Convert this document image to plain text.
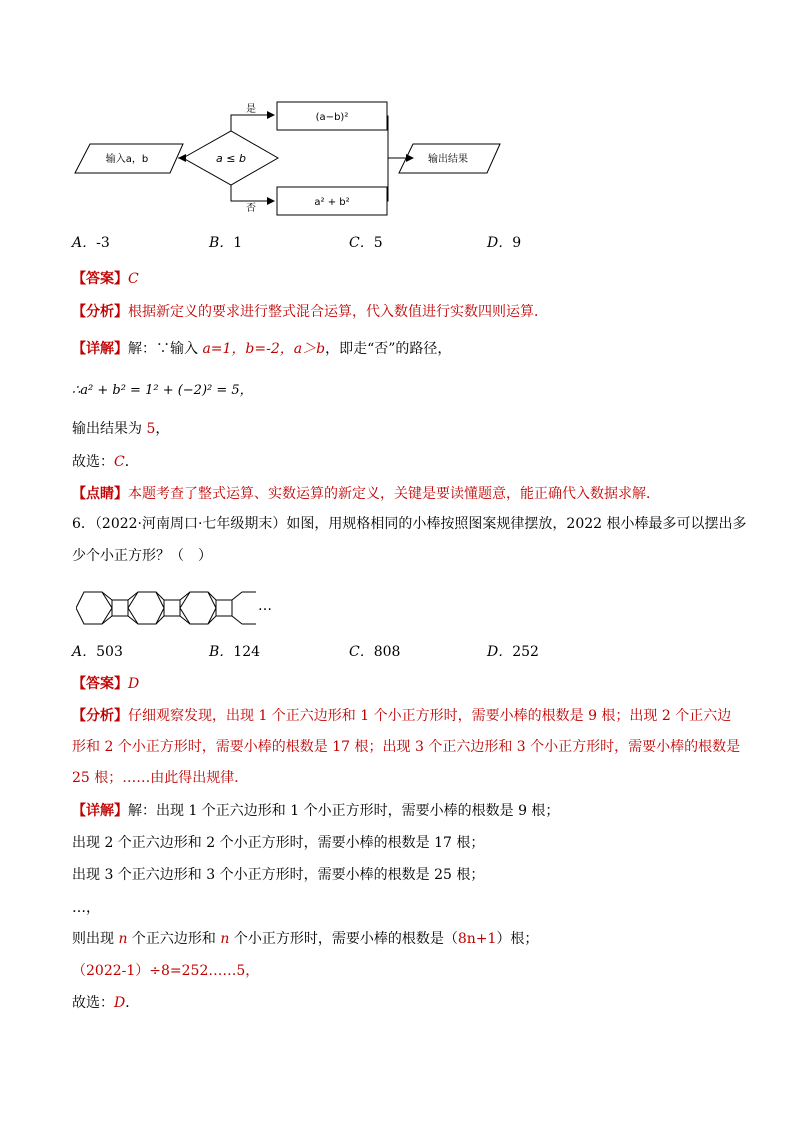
输入a，b	a ≤ b
是
(a−b)²
否
a² + b²
输出结果
A．-3	B．1	C．5	D．9
【答案】C
【分析】根据新定义的要求进行整式混合运算，代入数值进行实数四则运算．
【详解】解：∵输入 a=1，b=-2，a＞b，即走“否”的路径，
∴a² + b² = 1² + (−2)² = 5，
输出结果为 5，
故选：C．
【点睛】本题考查了整式运算、实数运算的新定义，关键是要读懂题意，能正确代入数据求解．
6．（2022·河南周口·七年级期末）如图，用规格相同的小棒按照图案规律摆放，2022 根小棒最多可以摆出多
少个小正方形？（　）
…
A．503	B．124	C．808	D．252
【答案】D
【分析】仔细观察发现，出现 1 个正六边形和 1 个小正方形时，需要小棒的根数是 9 根；出现 2 个正六边
形和 2 个小正方形时，需要小棒的根数是 17 根；出现 3 个正六边形和 3 个小正方形时，需要小棒的根数是
25 根；……由此得出规律．
【详解】解：出现 1 个正六边形和 1 个小正方形时，需要小棒的根数是 9 根；
出现 2 个正六边形和 2 个小正方形时，需要小棒的根数是 17 根；
出现 3 个正六边形和 3 个小正方形时，需要小棒的根数是 25 根；
…，
则出现 n 个正六边形和 n 个小正方形时，需要小棒的根数是（8n+1）根；
（2022-1）÷8=252……5，
故选：D．
